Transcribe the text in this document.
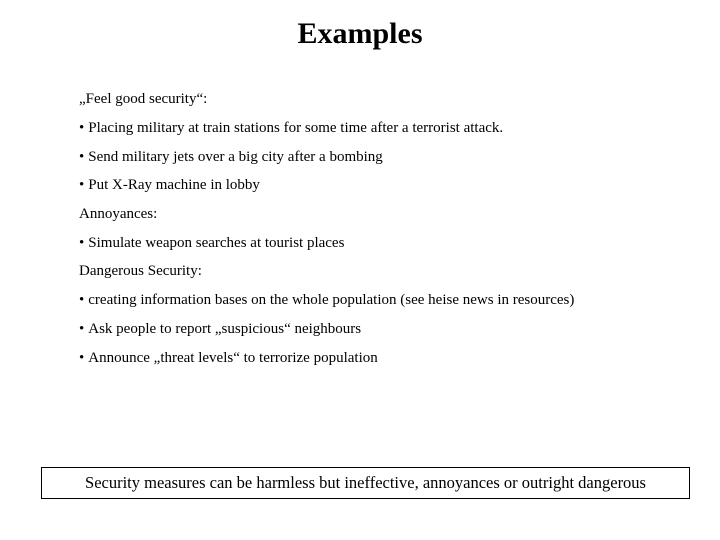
Examples
„Feel good security“:
• Placing military at train stations for some time after a terrorist attack.
• Send military jets over a big city after a bombing
• Put X-Ray machine in lobby
Annoyances:
• Simulate weapon searches at tourist places
Dangerous Security:
• creating information bases on the whole population (see heise news in resources)
• Ask people to report „suspicious“ neighbours
• Announce „threat levels“ to terrorize population
Security measures can be harmless but ineffective, annoyances or outright dangerous
